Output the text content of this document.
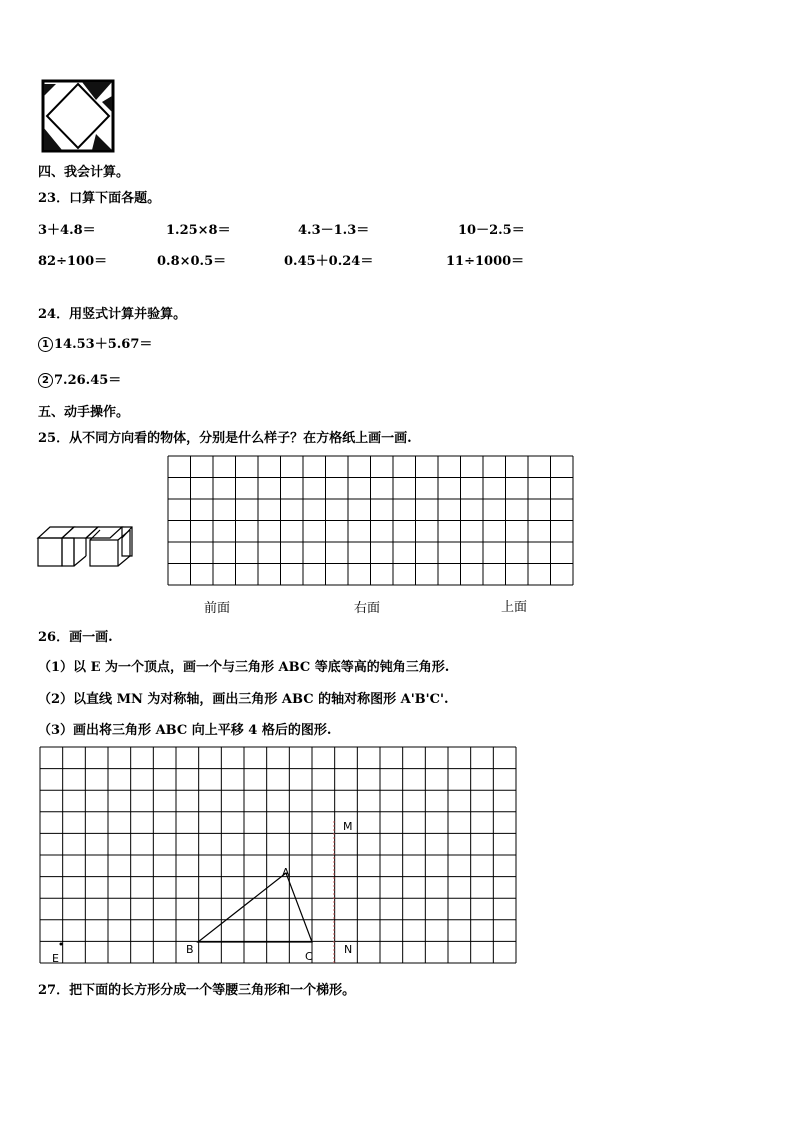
四、我会计算。
23．口算下面各题。
3＋4.8＝	1.25×8＝	4.3－1.3＝	10－2.5＝
82÷100＝	0.8×0.5＝	0.45＋0.24＝	11÷1000＝
24．用竖式计算并验算。
1 14.53＋5.67＝
2 7.26.45＝
五、动手操作。
25．从不同方向看的物体，分别是什么样子？在方格纸上画一画.
前面	右面	上面
26．画一画.
（1）以 E 为一个顶点，画一个与三角形 ABC 等底等高的钝角三角形.
（2）以直线 MN 为对称轴，画出三角形 ABC 的轴对称图形 A'B'C'.
（3）画出将三角形 ABC 向上平移 4 格后的图形.
M
A
B
C
N
E
27．把下面的长方形分成一个等腰三角形和一个梯形。
